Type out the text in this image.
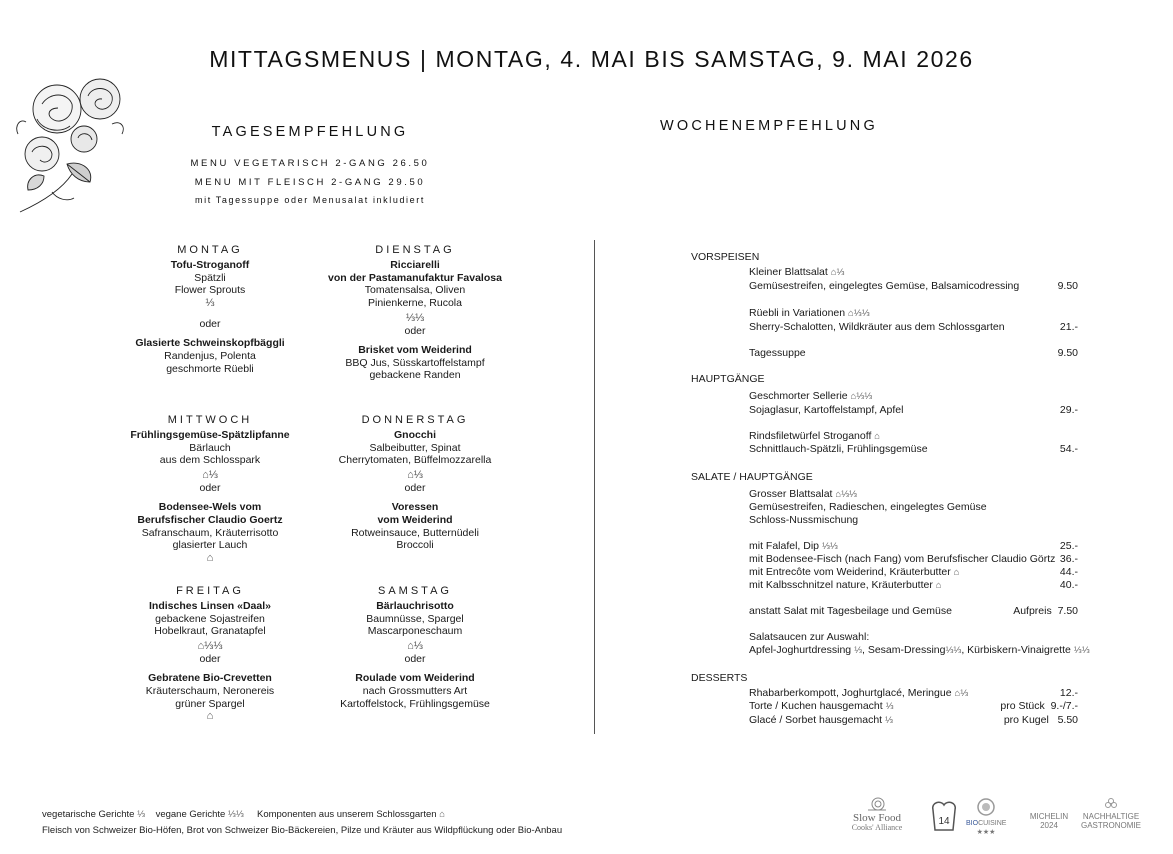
MITTAGSMENUS | MONTAG, 4. MAI BIS SAMSTAG, 9. MAI 2026
TAGESEMPFEHLUNG
MENU VEGETARISCH 2-GANG 26.50
MENU MIT FLEISCH 2-GANG 29.50
mit Tagessuppe oder Menusalat inkludiert
WOCHENEMPFEHLUNG
MONTAG
Tofu-Stroganoff
Spätzli
Flower Sprouts
⅓
oder
Glasierte Schweinskopfbäggli
Randenjus, Polenta
geschmorte Rüebli
DIENSTAG
Ricciarelli
von der Pastamanufaktur Favalosa
Tomatensalsa, Oliven
Pinienkerne, Rucola
⅓⅓
oder
Brisket vom Weiderind
BBQ Jus, Süsskartoffelstampf
gebackene Randen
MITTWOCH
Frühlingsgemüse-Spätzlipfanne
Bärlauch
aus dem Schlosspark
⌂⅓
oder
Bodensee-Wels vom
Berufsfischer Claudio Goertz
Safranschaum, Kräuterrisotto
glasierter Lauch
⌂
DONNERSTAG
Gnocchi
Salbeibutter, Spinat
Cherrytomaten, Büffelmozzarella
⌂⅓
oder
Voressen
vom Weiderind
Rotweinsauce, Butternüdeli
Broccoli
FREITAG
Indisches Linsen «Daal»
gebackene Sojastreifen
Hobelkraut, Granatapfel
⌂⅓⅓
oder
Gebratene Bio-Crevetten
Kräuterschaum, Neronereis
grüner Spargel
⌂
SAMSTAG
Bärlauchrisotto
Baumnüsse, Spargel
Mascarponeschaum
⌂⅓
oder
Roulade vom Weiderind
nach Grossmutters Art
Kartoffelstock, Frühlingsgemüse
VORSPEISEN
Kleiner Blattsalat ⌂⅓
Gemüsestreifen, eingelegtes Gemüse, Balsamicodressing	9.50
Rüebli in Variationen ⌂⅓⅓
Sherry-Schalotten, Wildkräuter aus dem Schlossgarten	21.-
Tagessuppe	9.50
HAUPTGÄNGE
Geschmorter Sellerie ⌂⅓⅓
Sojaglasur, Kartoffelstampf, Apfel	29.-
Rindsfiletwürfel Stroganoff ⌂
Schnittlauch-Spätzli, Frühlingsgemüse	54.-
SALATE / HAUPTGÄNGE
Grosser Blattsalat ⌂⅓⅓
Gemüsestreifen, Radieschen, eingelegtes Gemüse
Schloss-Nussmischung
mit Falafel, Dip ⅓⅓	25.-
mit Bodensee-Fisch (nach Fang) vom Berufsfischer Claudio Görtz 36.-
mit Entrecôte vom Weiderind, Kräuterbutter ⌂	44.-
mit Kalbsschnitzel nature, Kräuterbutter ⌂	40.-
anstatt Salat mit Tagesbeilage und Gemüse	Aufpreis 7.50
Salatsaucen zur Auswahl:
Apfel-Joghurtdressing ⅓, Sesam-Dressing⅓⅓, Kürbiskern-Vinaigrette ⅓⅓
DESSERTS
Rhabarberkompott, Joghurtglacé, Meringue ⌂⅓	12.-
Torte / Kuchen hausgemacht ⅓	pro Stück 9.-/7.-
Glacé / Sorbet hausgemacht ⅓	pro Kugel 5.50
vegetarische Gerichte ⅓ vegane Gerichte ⅓⅓ Komponenten aus unserem Schlossgarten ⌂
Fleisch von Schweizer Bio-Höfen, Brot von Schweizer Bio-Bäckereien, Pilze und Kräuter aus Wildpflückung oder Bio-Anbau
Slow Food
Cooks' Alliance
14 BIOCUISINE
★★★
MICHELIN
2024
NACHHALTIGE
GASTRONOMIE
